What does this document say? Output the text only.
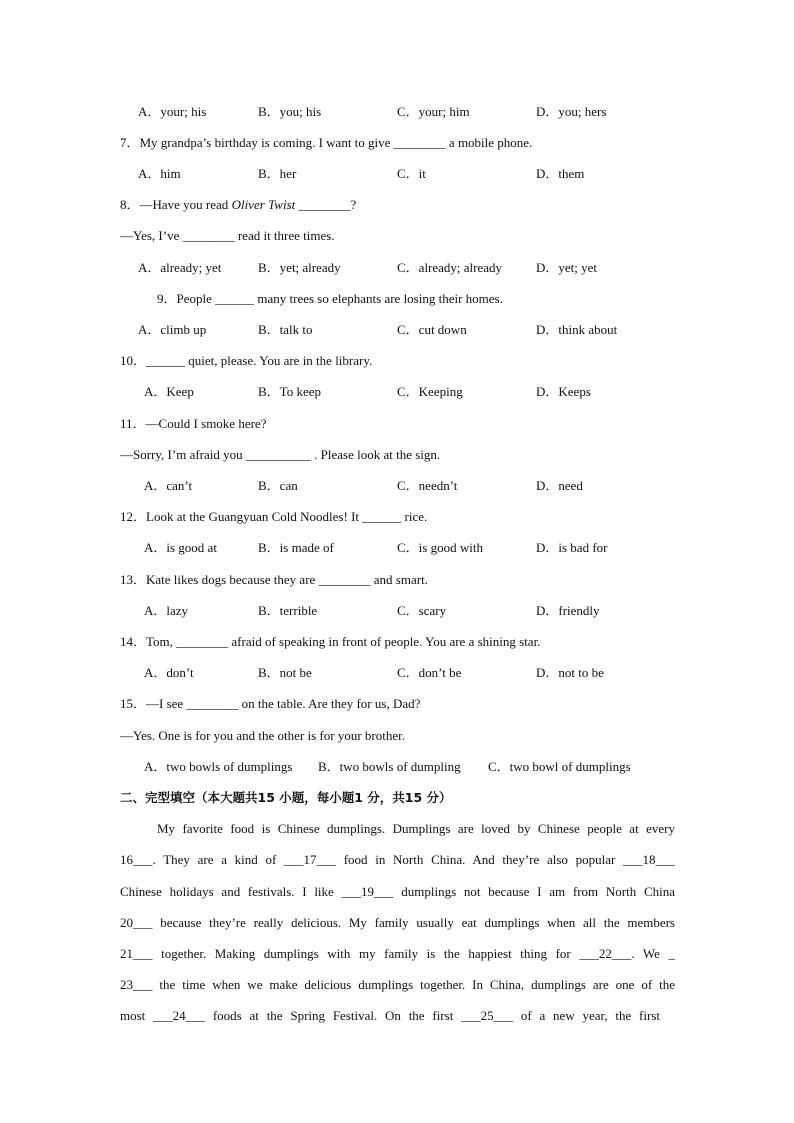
A．your; his	B．you; his	C．your; him	D．you; hers
7．My grandpa’s birthday is coming. I want to give ________ a mobile phone.
A．him	B．her	C．it	D．them
8．—Have you read Oliver Twist ________?
—Yes, I’ve ________ read it three times.
A．already; yet	B．yet; already	C．already; already	D．yet; yet
9．People ______ many trees so elephants are losing their homes.
A．climb up	B．talk to	C．cut down	D．think about
10．______ quiet, please. You are in the library.
A．Keep	B．To keep	C．Keeping	D．Keeps
11．—Could I smoke here?
—Sorry, I’m afraid you __________ . Please look at the sign.
A．can’t	B．can	C．needn’t	D．need
12．Look at the Guangyuan Cold Noodles! It ______ rice.
A．is good at	B．is made of	C．is good with	D．is bad for
13．Kate likes dogs because they are ________ and smart.
A．lazy	B．terrible	C．scary	D．friendly
14．Tom, ________ afraid of speaking in front of people. You are a shining star.
A．don’t	B．not be	C．don’t be	D．not to be
15．—I see ________ on the table. Are they for us, Dad?
—Yes. One is for you and the other is for your brother.
A．two bowls of dumplings B．two bowls of dumpling C．two bowl of dumplings
二、完型填空（本大题共15 小题，每小题1 分，共15 分）
My favorite food is Chinese dumplings. Dumplings are loved by Chinese people at every
16___. They are a kind of ___17___ food in North China. And they’re also popular ___18___
Chinese holidays and festivals. I like ___19___ dumplings not because I am from North China
20___ because they’re really delicious. My family usually eat dumplings when all the members
21___ together. Making dumplings with my family is the happiest thing for ___22___. We _
23___ the time when we make delicious dumplings together. In China, dumplings are one of the
most ___24___ foods at the Spring Festival. On the first ___25___ of a new year, the first
